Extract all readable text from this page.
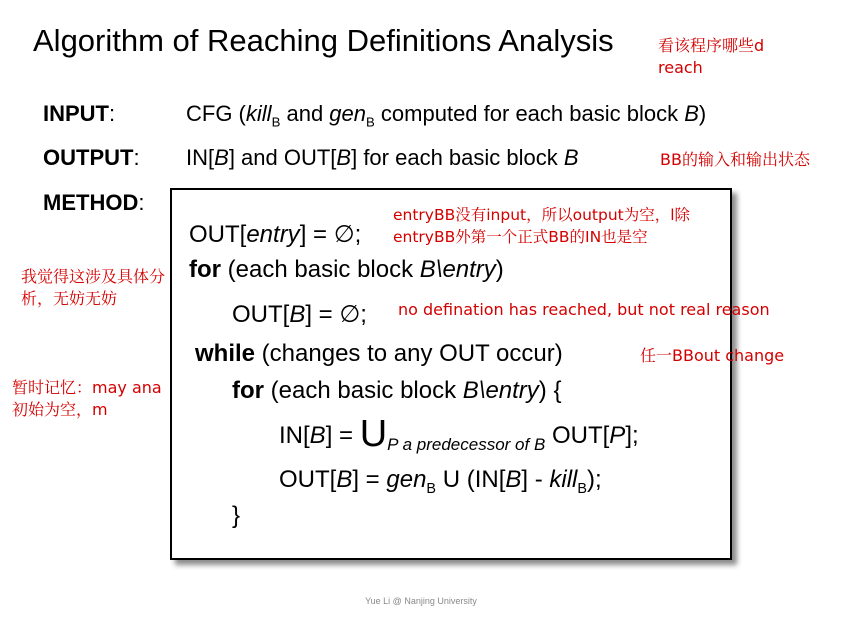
Algorithm of Reaching Definitions Analysis
INPUT:	CFG (kill$_B$ and gen$_B$ computed for each basic block B)
OUTPUT: IN[B] and OUT[B] for each basic block B
METHOD:
OUT[entry] = ∅;
for (each basic block B\entry)
OUT[B] = ∅;
while (changes to any OUT occur)
for (each basic block B\entry) {
$IN[B] = U_{P a predecessor of B}$ OUT[P];
OUT[B] = gen$_B$ U (IN[B] - kill$_B$);
}
看该程序哪些d reach
BB的输入和输出状态
entryBB没有input，所以output为空，l除entryBB外第一个正式BB的IN也是空
我觉得这涉及具体分析，无妨无妨
no defination has reached, but not real reason
任一BBout change
暂时记忆：may ana初始为空，m
Yue Li @ Nanjing University
